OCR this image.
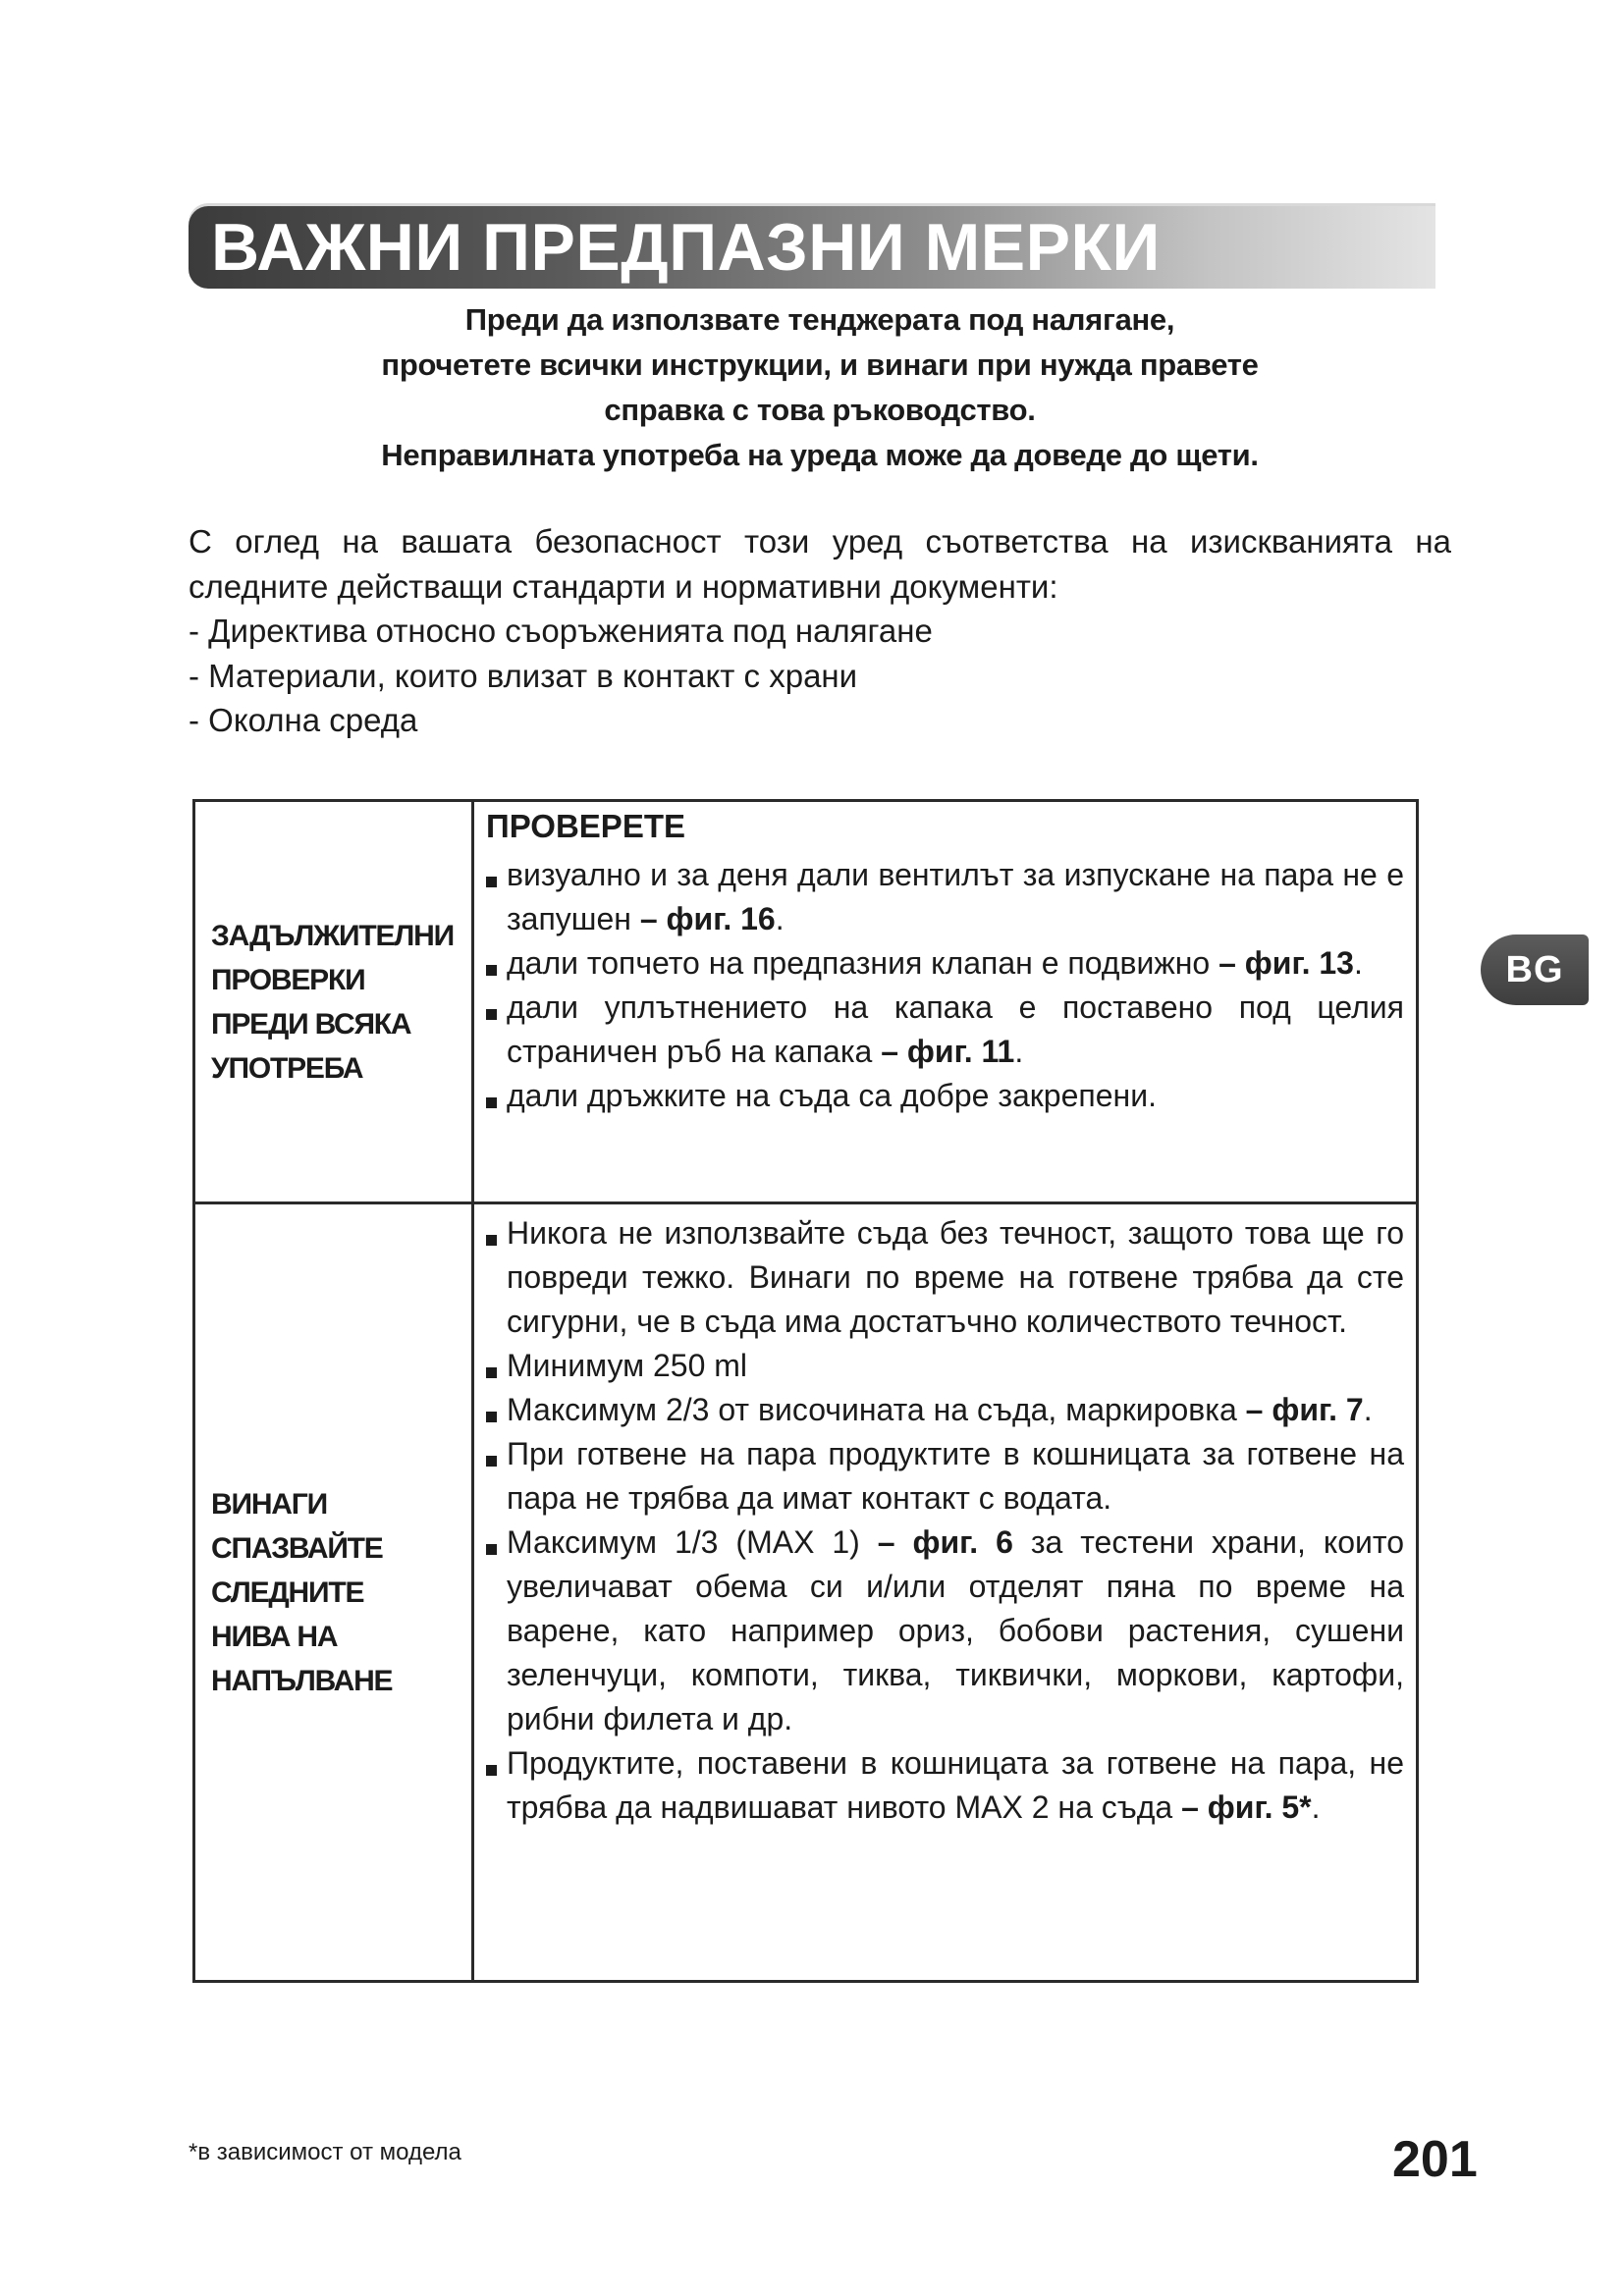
ВАЖНИ ПРЕДПАЗНИ МЕРКИ
Преди да използвате тенджерата под налягане,
прочетете всички инструкции, и винаги при нужда правете
справка с това ръководство.
Неправилната употреба на уреда може да доведе до щети.
С оглед на вашата безопасност този уред съответства на изискванията на следните действащи стандарти и нормативни документи:
- Директива относно съоръженията под налягане
- Материали, които влизат в контакт с храни
- Околна среда
ЗАДЪЛЖИТЕЛНИ
ПРОВЕРКИ
ПРЕДИ ВСЯКА
УПОТРЕБА
ПРОВЕРЕТЕ
визуално и за деня дали вентилът за изпускане на пара не е запушен – фиг. 16.
дали топчето на предпазния клапан е подвижно – фиг. 13.
дали уплътнението на капака е поставено под целия страничен ръб на капака – фиг. 11.
дали дръжките на съда са добре закрепени.
ВИНАГИ
СПАЗВАЙТЕ
СЛЕДНИТЕ
НИВА НА
НАПЪЛВАНЕ
Никога не използвайте съда без течност, защото това ще го повреди тежко. Винаги по време на готвене трябва да сте сигурни, че в съда има достатъчно количеството течност.
Минимум 250 ml
Максимум 2/3 от височината на съда, маркировка – фиг. 7.
При готвене на пара продуктите в кошницата за готвене на пара не трябва да имат контакт с водата.
Максимум 1/3 (MAX 1) – фиг. 6 за тестени храни, които увеличават обема си и/или отделят пяна по време на варене, като например ориз, бобови растения, сушени зеленчуци, компоти, тиква, тиквички, моркови, картофи, рибни филета и др.
Продуктите, поставени в кошницата за готвене на пара, не трябва да надвишават нивото MAX 2 на съда – фиг. 5*.
BG
*в зависимост от модела	201
